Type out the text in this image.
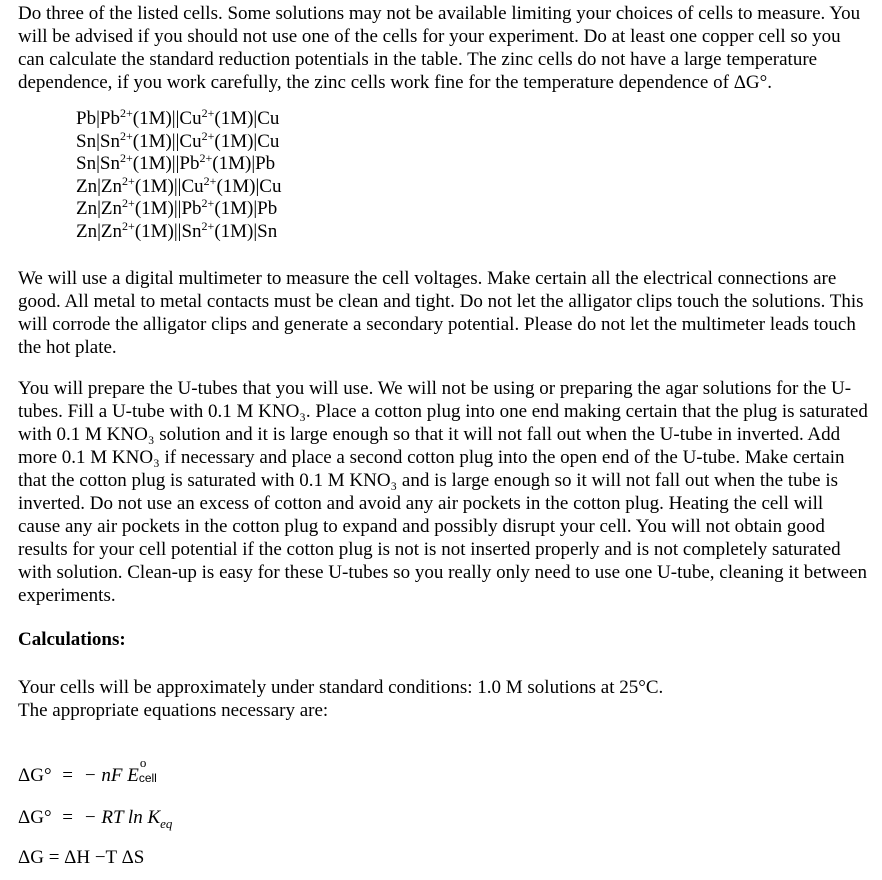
Do three of the listed cells. Some solutions may not be available limiting your choices of cells to measure. You will be advised if you should not use one of the cells for your experiment. Do at least one copper cell so you can calculate the standard reduction potentials in the table. The zinc cells do not have a large temperature dependence, if you work carefully, the zinc cells work fine for the temperature dependence of ΔG°.

$Pb|Pb^{2+}(1M)||Cu^{2+}(1M)|Cu$
$Sn|Sn^{2+}(1M)||Cu^{2+}(1M)|Cu$
$Sn|Sn^{2+}(1M)||Pb^{2+}(1M)|Pb$
$Zn|Zn^{2+}(1M)||Cu^{2+}(1M)|Cu$
$Zn|Zn^{2+}(1M)||Pb^{2+}(1M)|Pb$
$Zn|Zn^{2+}(1M)||Sn^{2+}(1M)|Sn$

We will use a digital multimeter to measure the cell voltages. Make certain all the electrical connections are good. All metal to metal contacts must be clean and tight. Do not let the alligator clips touch the solutions. This will corrode the alligator clips and generate a secondary potential. Please do not let the multimeter leads touch the hot plate.

You will prepare the U-tubes that you will use. We will not be using or preparing the agar solutions for the U-tubes. Fill a U-tube with 0.1 M KNO₃. Place a cotton plug into one end making certain that the plug is saturated with 0.1 M KNO₃ solution and it is large enough so that it will not fall out when the U-tube in inverted. Add more 0.1 M KNO₃ if necessary and place a second cotton plug into the open end of the U-tube. Make certain that the cotton plug is saturated with 0.1 M KNO₃ and is large enough so it will not fall out when the tube is inverted. Do not use an excess of cotton and avoid any air pockets in the cotton plug. Heating the cell will cause any air pockets in the cotton plug to expand and possibly disrupt your cell. You will not obtain good results for your cell potential if the cotton plug is not is not inserted properly and is not completely saturated with solution. Clean-up is easy for these U-tubes so you really only need to use one U-tube, cleaning it between experiments.

Calculations:

Your cells will be approximately under standard conditions: 1.0 M solutions at 25°C.

The appropriate equations necessary are:

ΔG° = − nF E
o
cell
ΔG° = − RT $\ln K_{eq}$
ΔG = ΔH −T ΔS
